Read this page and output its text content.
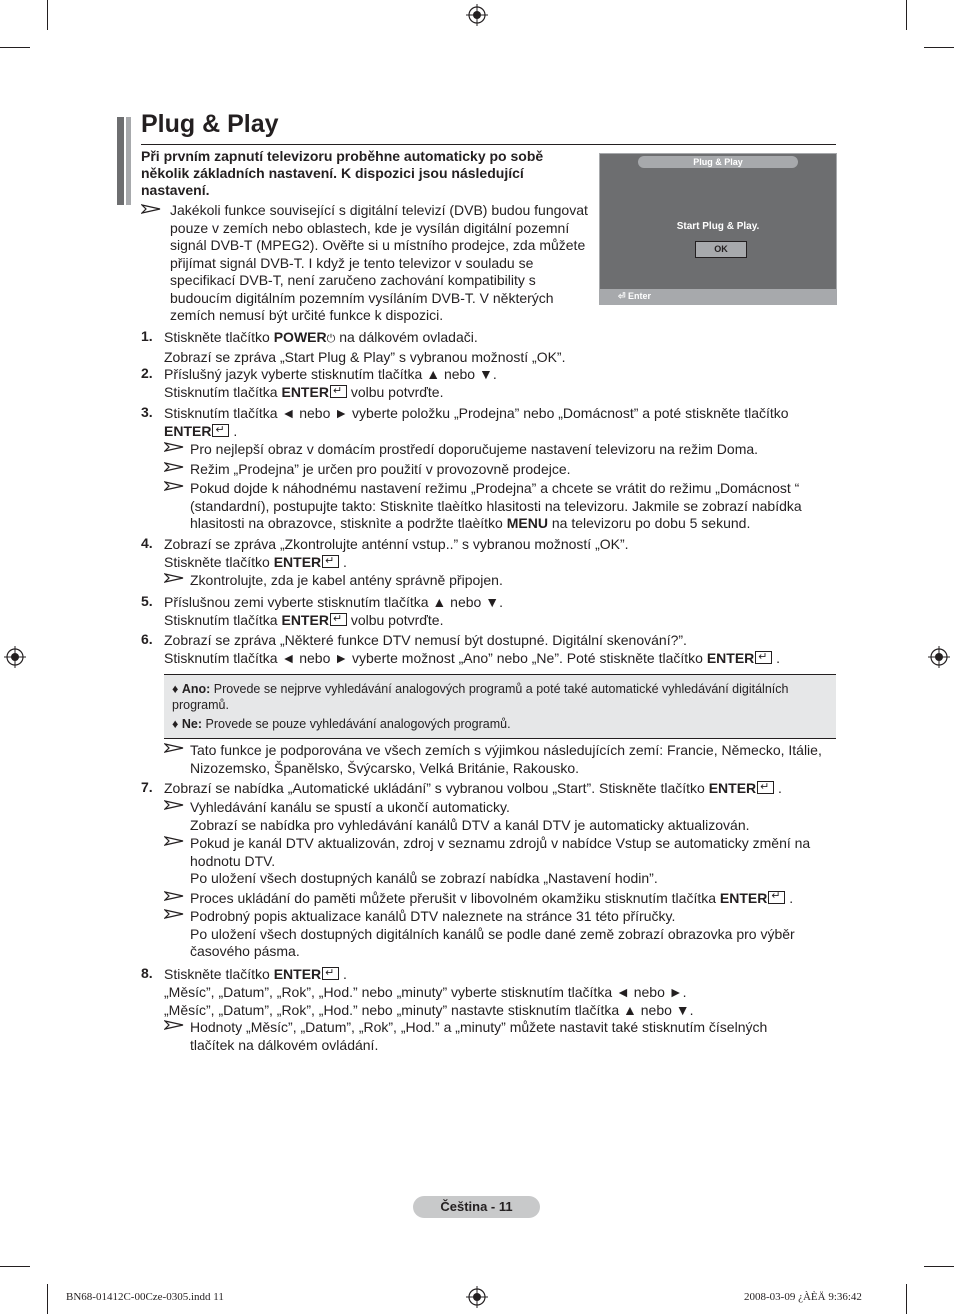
Plug & Play
Při prvním zapnutí televizoru proběhne automaticky po sobě několik základních nastavení. K dispozici jsou následující nastavení.
Jakékoli funkce související s digitální televizí (DVB) budou fungovat pouze v zemích nebo oblastech, kde je vysílán digitální pozemní signál DVB-T (MPEG2). Ověřte si u místního prodejce, zda můžete přijímat signál DVB-T. I když je tento televizor v souladu se specifikací DVB-T, není zaručeno zachování kompatibility s budoucím digitálním pozemním vysíláním DVB-T. V některých zemích nemusí být určité funkce k dispozici.
Plug & Play
Start Plug & Play.
OK
⏎ Enter
1. Stiskněte tlačítko POWER⏻ na dálkovém ovladači.

Zobrazí se zpráva „Start Plug & Play” s vybranou možností „OK”.

2. Příslušný jazyk vyberte stisknutím tlačítka ▲ nebo ▼.

Stisknutím tlačítka ENTER↵ volbu potvrďte.

3. Stisknutím tlačítka ◄ nebo ► vyberte položku „Prodejna” nebo „Domácnost” a poté stiskněte tlačítko

ENTER↵ .

Pro nejlepší obraz v domácím prostředí doporučujeme nastavení televizoru na režim Doma.
Režim „Prodejna” je určen pro použití v provozovně prodejce.
Pokud dojde k náhodnému nastavení režimu „Prodejna” a chcete se vrátit do režimu „Domácnost “ (standardní), postupujte takto: Stisknìte tlaèítko hlasitosti na televizoru. Jakmile se zobrazí nabídka hlasitosti na obrazovce, stisknìte a podržte tlaèítko MENU na televizoru po dobu 5 sekund.
4. Zobrazí se zpráva „Zkontrolujte anténní vstup..” s vybranou možností „OK”.

Stiskněte tlačítko ENTER↵ .

Zkontrolujte, zda je kabel antény správně připojen.
5. Příslušnou zemi vyberte stisknutím tlačítka ▲ nebo ▼.

Stisknutím tlačítka ENTER↵ volbu potvrďte.

6. Zobrazí se zpráva „Některé funkce DTV nemusí být dostupné. Digitální skenování?”.

Stisknutím tlačítka ◄ nebo ► vyberte možnost „Ano” nebo „Ne”. Poté stiskněte tlačítko ENTER↵ .

♦ Ano: Provede se nejprve vyhledávání analogových programů a poté také automatické vyhledávání digitálních programů.
♦ Ne: Provede se pouze vyhledávání analogových programů.
Tato funkce je podporována ve všech zemích s výjimkou následujících zemí: Francie, Německo, Itálie, Nizozemsko, Španělsko, Švýcarsko, Velká Británie, Rakousko.
7. Zobrazí se nabídka „Automatické ukládání” s vybranou volbou „Start”. Stiskněte tlačítko ENTER↵ .

Vyhledávání kanálu se spustí a ukončí automaticky.

Zobrazí se nabídka pro vyhledávání kanálů DTV a kanál DTV je automaticky aktualizován.

Pokud je kanál DTV aktualizován, zdroj v seznamu zdrojů v nabídce Vstup se automaticky změní na hodnotu DTV.

Po uložení všech dostupných kanálů se zobrazí nabídka „Nastavení hodin”.

Proces ukládání do paměti můžete přerušit v libovolném okamžiku stisknutím tlačítka ENTER↵ .

Podrobný popis aktualizace kanálů DTV naleznete na stránce 31 této příručky.

Po uložení všech dostupných digitálních kanálů se podle dané země zobrazí obrazovka pro výběr časového pásma.

8. Stiskněte tlačítko ENTER↵ .

„Měsíc”, „Datum”, „Rok”, „Hod.” nebo „minuty” vyberte stisknutím tlačítka ◄ nebo ►.

„Měsíc”, „Datum”, „Rok”, „Hod.” nebo „minuty” nastavte stisknutím tlačítka ▲ nebo ▼.

Hodnoty „Měsíc”, „Datum”, „Rok”, „Hod.” a „minuty” můžete nastavit také stisknutím číselných tlačítek na dálkovém ovládání.
Čeština - 11
BN68-01412C-00Cze-0305.indd 11	2008-03-09 ¿ÀÈÄ 9:36:42
